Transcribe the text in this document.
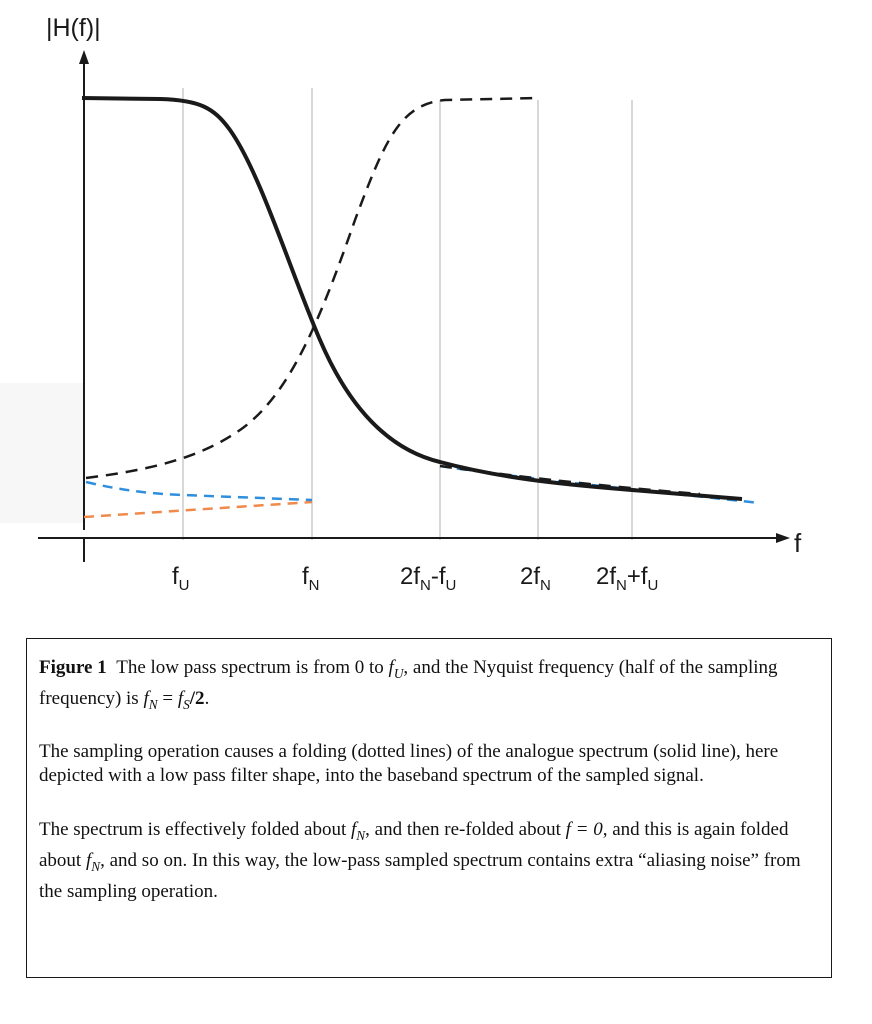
|H(f)|
f
$f_U$	$f_N$	$2f_N-f_U$	$2f_N$ $2f_N+f_U$

Figure 1 The low pass spectrum is from 0 to $f_U$, and the Nyquist frequency (half of the sampling frequency) is $f_N = f_S/2$.

The sampling operation causes a folding (dotted lines) of the analogue spectrum (solid line), here depicted with a low pass filter shape, into the baseband spectrum of the sampled signal.

The spectrum is effectively folded about $f_N$, and then re-folded about f = 0, and this is again folded about $f_N$, and so on. In this way, the low-pass sampled spectrum contains extra “aliasing noise” from the sampling operation.
